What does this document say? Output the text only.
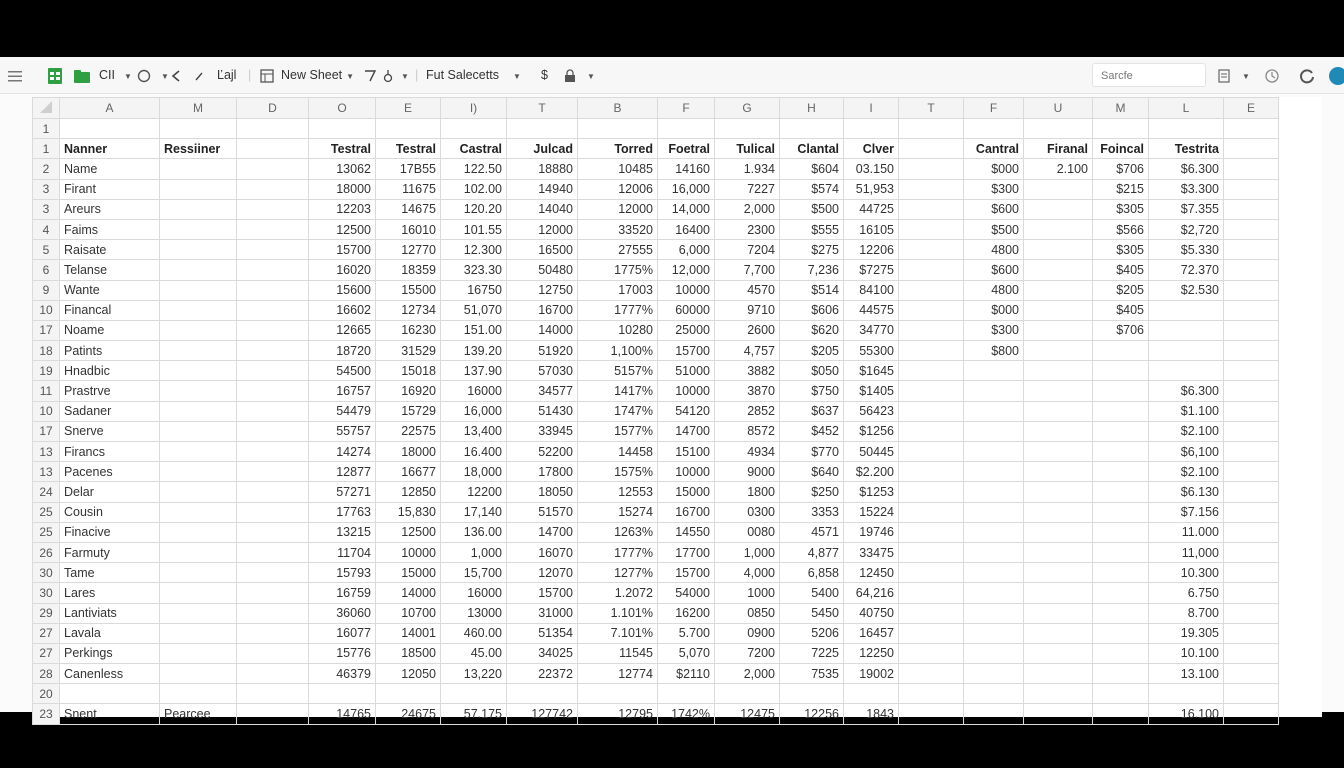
CII	▼	▼	Ľajl | New Sheet ▼	▼ | Fut Salecetts ▼ $	▼	Sarcfe	▼
	A	M	D	O	E	I)	T	B	F	G	H	I	T	F	U	M	L	E
1																		
1	Nanner	Ressiiner		Testral	Testral	Castral	Julcad	Torred	Foetral	Tulical	Clantal	Clver		Cantral	Firanal	Foincal	Testrita	
2	Name			13062	17B55	122.50	18880	10485	14160	1.934	$604	03.150		$000	2.100	$706	$6.300	
3	Firant			18000	11675	102.00	14940	12006	16,000	7227	$574	51,953		$300		$215	$3.300	
3	Areurs			12203	14675	120.20	14040	12000	14,000	2,000	$500	44725		$600		$305	$7.355	
4	Faims			12500	16010	101.55	12000	33520	16400	2300	$555	16105		$500		$566	$2,720	
5	Raisate			15700	12770	12.300	16500	27555	6,000	7204	$275	12206		4800		$305	$5.330	
6	Telanse			16020	18359	323.30	50480	1775%	12,000	7,700	7,236	$7275		$600		$405	72.370	
9	Wante			15600	15500	16750	12750	17003	10000	4570	$514	84100		4800		$205	$2.530	
10	Financal			16602	12734	51,070	16700	1777%	60000	9710	$606	44575		$000		$405		
17	Noame			12665	16230	151.00	14000	10280	25000	2600	$620	34770		$300		$706		
18	Patints			18720	31529	139.20	51920	1,100%	15700	4,757	$205	55300		$800				
19	Hnadbic			54500	15018	137.90	57030	5157%	51000	3882	$050	$1645						
11	Prastrve			16757	16920	16000	34577	1417%	10000	3870	$750	$1405					$6.300	
10	Sadaner			54479	15729	16,000	51430	1747%	54120	2852	$637	56423					$1.100	
17	Snerve			55757	22575	13,400	33945	1577%	14700	8572	$452	$1256					$2.100	
13	Firancs			14274	18000	16.400	52200	14458	15100	4934	$770	50445					$6,100	
13	Pacenes			12877	16677	18,000	17800	1575%	10000	9000	$640	$2.200					$2.100	
24	Delar			57271	12850	12200	18050	12553	15000	1800	$250	$1253					$6.130	
25	Cousin			17763	15,830	17,140	51570	15274	16700	0300	3353	15224					$7.156	
25	Finacive			13215	12500	136.00	14700	1263%	14550	0080	4571	19746					11.000	
26	Farmuty			11704	10000	1,000	16070	1777%	17700	1,000	4,877	33475					11,000	
30	Tame			15793	15000	15,700	12070	1277%	15700	4,000	6,858	12450					10.300	
30	Lares			16759	14000	16000	15700	1.2072	54000	1000	5400	64,216					6.750	
29	Lantiviats			36060	10700	13000	31000	1.101%	16200	0850	5450	40750					8.700	
27	Lavala			16077	14001	460.00	51354	7.101%	5.700	0900	5206	16457					19.305	
27	Perkings			15776	18500	45.00	34025	11545	5,070	7200	7225	12250					10.100	
28	Canenless			46379	12050	13,220	22372	12774	$2110	2,000	7535	19002					13.100	
20																		
23	Snent	Pearcee		14765	24675	57.175	127742	12795	1742%	12475	12256	1843					16.100	
